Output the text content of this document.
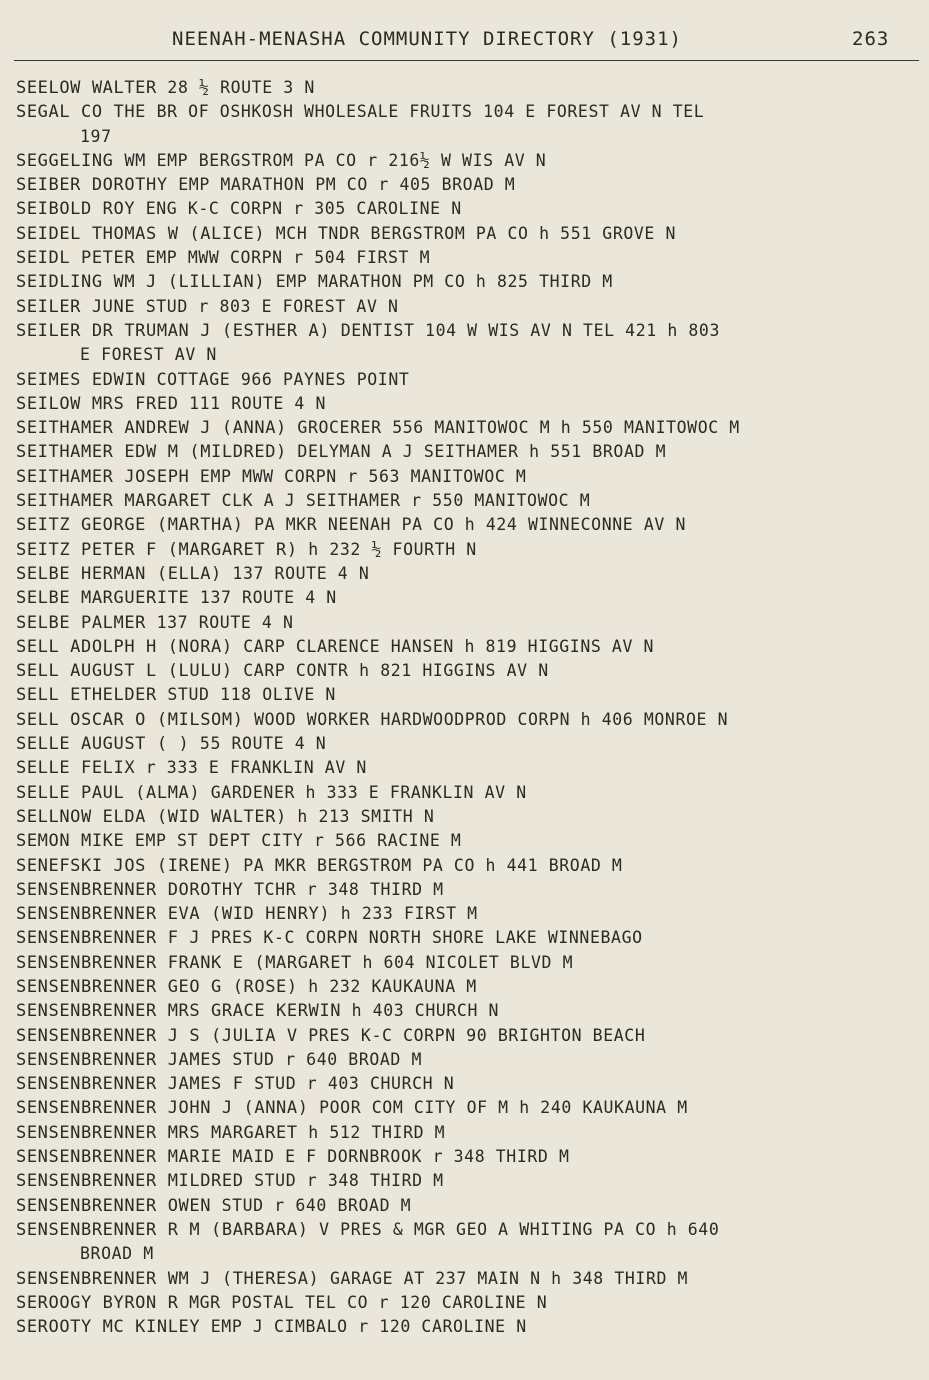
NEENAH-MENASHA COMMUNITY DIRECTORY (1931)	263
SEELOW WALTER 28 ½ ROUTE 3 N
SEGAL CO THE BR OF OSHKOSH WHOLESALE FRUITS 104 E FOREST AV N TEL
197
SEGGELING WM EMP BERGSTROM PA CO r 216½ W WIS AV N
SEIBER DOROTHY EMP MARATHON PM CO r 405 BROAD M
SEIBOLD ROY ENG K-C CORPN r 305 CAROLINE N
SEIDEL THOMAS W (ALICE) MCH TNDR BERGSTROM PA CO h 551 GROVE N
SEIDL PETER EMP MWW CORPN r 504 FIRST M
SEIDLING WM J (LILLIAN) EMP MARATHON PM CO h 825 THIRD M
SEILER JUNE STUD r 803 E FOREST AV N
SEILER DR TRUMAN J (ESTHER A) DENTIST 104 W WIS AV N TEL 421 h 803
E FOREST AV N
SEIMES EDWIN COTTAGE 966 PAYNES POINT
SEILOW MRS FRED 111 ROUTE 4 N
SEITHAMER ANDREW J (ANNA) GROCERER 556 MANITOWOC M h 550 MANITOWOC M
SEITHAMER EDW M (MILDRED) DELYMAN A J SEITHAMER h 551 BROAD M
SEITHAMER JOSEPH EMP MWW CORPN r 563 MANITOWOC M
SEITHAMER MARGARET CLK A J SEITHAMER r 550 MANITOWOC M
SEITZ GEORGE (MARTHA) PA MKR NEENAH PA CO h 424 WINNECONNE AV N
SEITZ PETER F (MARGARET R) h 232 ½ FOURTH N
SELBE HERMAN (ELLA) 137 ROUTE 4 N
SELBE MARGUERITE 137 ROUTE 4 N
SELBE PALMER 137 ROUTE 4 N
SELL ADOLPH H (NORA) CARP CLARENCE HANSEN h 819 HIGGINS AV N
SELL AUGUST L (LULU) CARP CONTR h 821 HIGGINS AV N
SELL ETHELDER STUD 118 OLIVE N
SELL OSCAR O (MILSOM) WOOD WORKER HARDWOODPROD CORPN h 406 MONROE N
SELLE AUGUST ( ) 55 ROUTE 4 N
SELLE FELIX r 333 E FRANKLIN AV N
SELLE PAUL (ALMA) GARDENER h 333 E FRANKLIN AV N
SELLNOW ELDA (WID WALTER) h 213 SMITH N
SEMON MIKE EMP ST DEPT CITY r 566 RACINE M
SENEFSKI JOS (IRENE) PA MKR BERGSTROM PA CO h 441 BROAD M
SENSENBRENNER DOROTHY TCHR r 348 THIRD M
SENSENBRENNER EVA (WID HENRY) h 233 FIRST M
SENSENBRENNER F J PRES K-C CORPN NORTH SHORE LAKE WINNEBAGO
SENSENBRENNER FRANK E (MARGARET h 604 NICOLET BLVD M
SENSENBRENNER GEO G (ROSE) h 232 KAUKAUNA M
SENSENBRENNER MRS GRACE KERWIN h 403 CHURCH N
SENSENBRENNER J S (JULIA V PRES K-C CORPN 90 BRIGHTON BEACH
SENSENBRENNER JAMES STUD r 640 BROAD M
SENSENBRENNER JAMES F STUD r 403 CHURCH N
SENSENBRENNER JOHN J (ANNA) POOR COM CITY OF M h 240 KAUKAUNA M
SENSENBRENNER MRS MARGARET h 512 THIRD M
SENSENBRENNER MARIE MAID E F DORNBROOK r 348 THIRD M
SENSENBRENNER MILDRED STUD r 348 THIRD M
SENSENBRENNER OWEN STUD r 640 BROAD M
SENSENBRENNER R M (BARBARA) V PRES & MGR GEO A WHITING PA CO h 640
BROAD M
SENSENBRENNER WM J (THERESA) GARAGE AT 237 MAIN N h 348 THIRD M
SEROOGY BYRON R MGR POSTAL TEL CO r 120 CAROLINE N
SEROOTY MC KINLEY EMP J CIMBALO r 120 CAROLINE N
